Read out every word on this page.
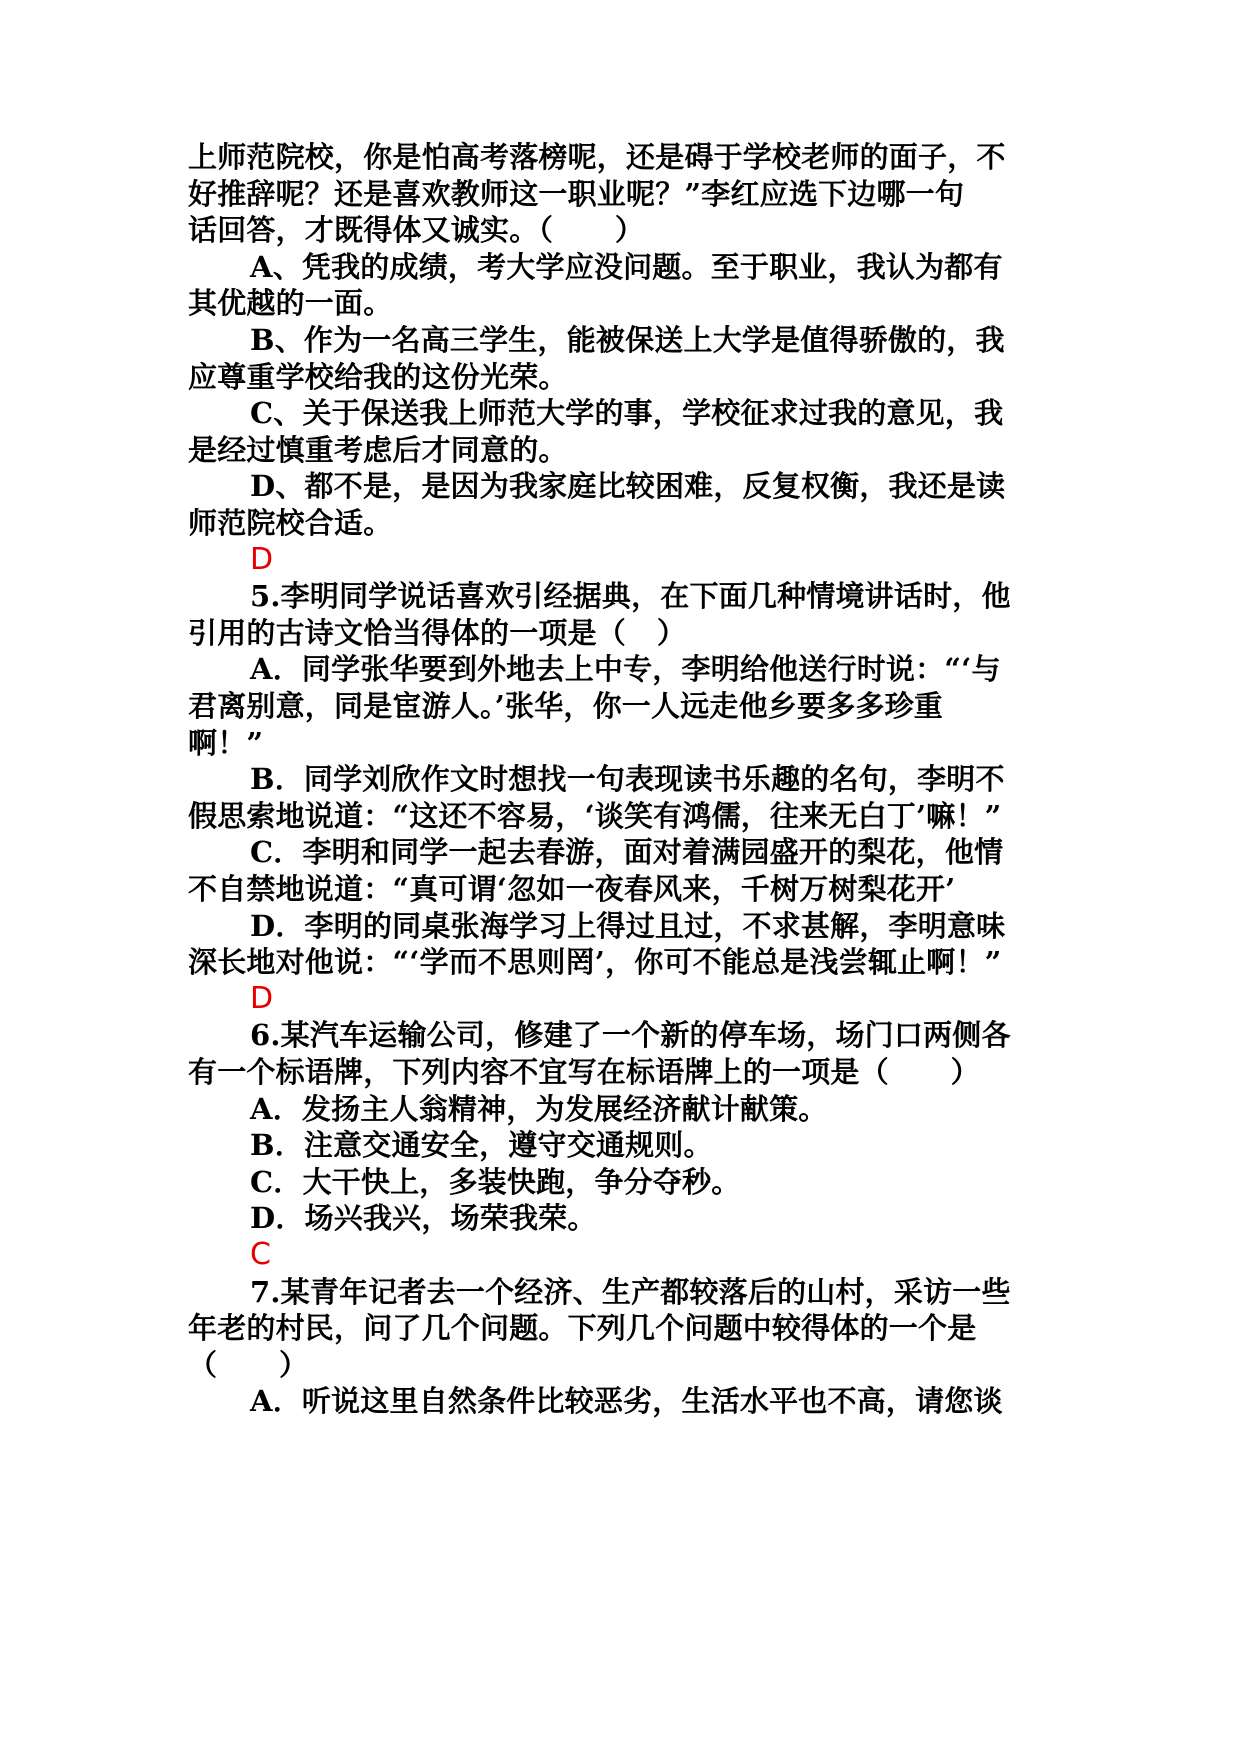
上师范院校，你是怕高考落榜呢，还是碍于学校老师的面子，不
好推辞呢？还是喜欢教师这一职业呢？”李红应选下边哪一句
话回答，才既得体又诚实。（      ）
A、凭我的成绩，考大学应没问题。至于职业，我认为都有
其优越的一面。
B、作为一名高三学生，能被保送上大学是值得骄傲的，我
应尊重学校给我的这份光荣。
C、关于保送我上师范大学的事，学校征求过我的意见，我
是经过慎重考虑后才同意的。
D、都不是，是因为我家庭比较困难，反复权衡，我还是读
师范院校合适。
D
5.李明同学说话喜欢引经据典，在下面几种情境讲话时，他
引用的古诗文恰当得体的一项是（   ）
A．同学张华要到外地去上中专，李明给他送行时说：“‘与
君离别意，同是宦游人。’张华，你一人远走他乡要多多珍重
啊！”
B．同学刘欣作文时想找一句表现读书乐趣的名句，李明不
假思索地说道：“这还不容易，‘谈笑有鸿儒，往来无白丁’嘛！”
C．李明和同学一起去春游，面对着满园盛开的梨花，他情
不自禁地说道：“真可谓‘忽如一夜春风来，千树万树梨花开’
D．李明的同桌张海学习上得过且过，不求甚解，李明意味
深长地对他说：“‘学而不思则罔’，你可不能总是浅尝辄止啊！”
D
6.某汽车运输公司，修建了一个新的停车场，场门口两侧各
有一个标语牌，下列内容不宜写在标语牌上的一项是（      ）
A．发扬主人翁精神，为发展经济献计献策。
B．注意交通安全，遵守交通规则。
C．大干快上，多装快跑，争分夺秒。
D．场兴我兴，场荣我荣。
C
7.某青年记者去一个经济、生产都较落后的山村，采访一些
年老的村民，问了几个问题。下列几个问题中较得体的一个是
（      ）
A．听说这里自然条件比较恶劣，生活水平也不高，请您谈
